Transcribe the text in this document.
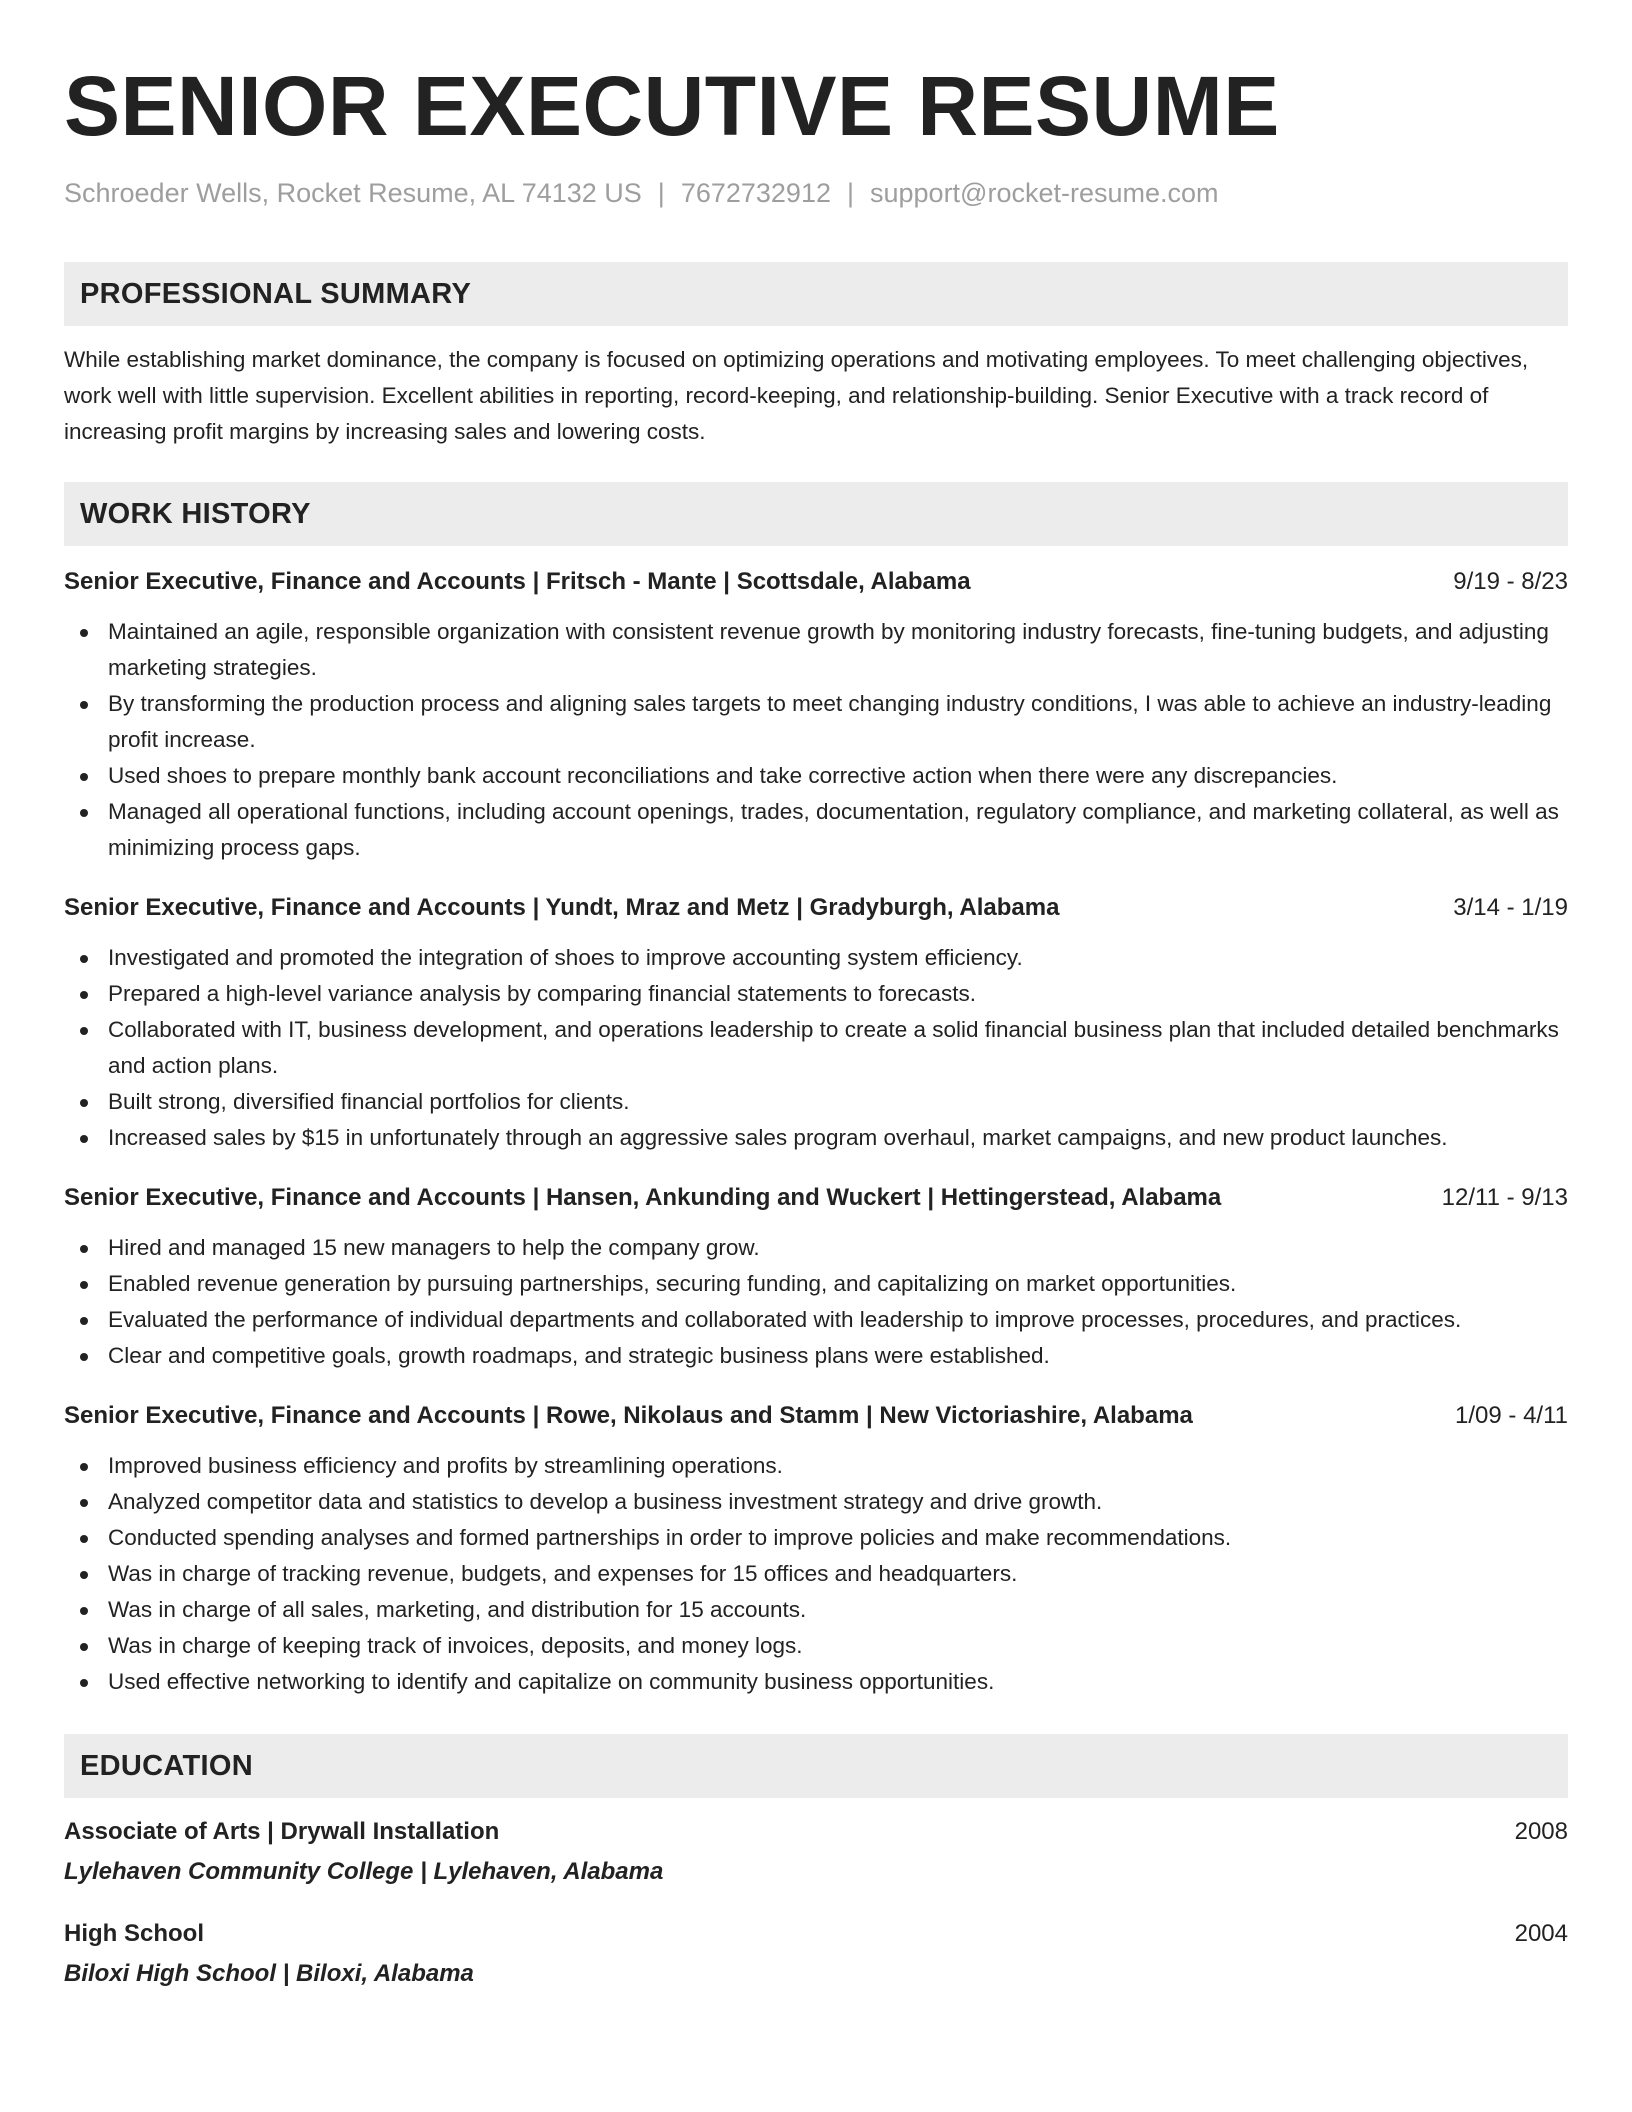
SENIOR EXECUTIVE RESUME
Schroeder Wells, Rocket Resume, AL 74132 US | 7672732912 | support@rocket-resume.com
PROFESSIONAL SUMMARY

While establishing market dominance, the company is focused on optimizing operations and motivating employees. To meet challenging objectives, work well with little supervision. Excellent abilities in reporting, record-keeping, and relationship-building. Senior Executive with a track record of increasing profit margins by increasing sales and lowering costs.

WORK HISTORY
Senior Executive, Finance and Accounts | Fritsch - Mante | Scottsdale, Alabama	9/19 - 8/23
Maintained an agile, responsible organization with consistent revenue growth by monitoring industry forecasts, fine-tuning budgets, and adjusting marketing strategies.
By transforming the production process and aligning sales targets to meet changing industry conditions, I was able to achieve an industry-leading profit increase.
Used shoes to prepare monthly bank account reconciliations and take corrective action when there were any discrepancies.
Managed all operational functions, including account openings, trades, documentation, regulatory compliance, and marketing collateral, as well as minimizing process gaps.
Senior Executive, Finance and Accounts | Yundt, Mraz and Metz | Gradyburgh, Alabama	3/14 - 1/19
Investigated and promoted the integration of shoes to improve accounting system efficiency.
Prepared a high-level variance analysis by comparing financial statements to forecasts.
Collaborated with IT, business development, and operations leadership to create a solid financial business plan that included detailed benchmarks and action plans.
Built strong, diversified financial portfolios for clients.
Increased sales by $15 in unfortunately through an aggressive sales program overhaul, market campaigns, and new product launches.
Senior Executive, Finance and Accounts | Hansen, Ankunding and Wuckert | Hettingerstead, Alabama	12/11 - 9/13
Hired and managed 15 new managers to help the company grow.
Enabled revenue generation by pursuing partnerships, securing funding, and capitalizing on market opportunities.
Evaluated the performance of individual departments and collaborated with leadership to improve processes, procedures, and practices.
Clear and competitive goals, growth roadmaps, and strategic business plans were established.
Senior Executive, Finance and Accounts | Rowe, Nikolaus and Stamm | New Victoriashire, Alabama	1/09 - 4/11
Improved business efficiency and profits by streamlining operations.
Analyzed competitor data and statistics to develop a business investment strategy and drive growth.
Conducted spending analyses and formed partnerships in order to improve policies and make recommendations.
Was in charge of tracking revenue, budgets, and expenses for 15 offices and headquarters.
Was in charge of all sales, marketing, and distribution for 15 accounts.
Was in charge of keeping track of invoices, deposits, and money logs.
Used effective networking to identify and capitalize on community business opportunities.
EDUCATION
Associate of Arts | Drywall Installation	2008
Lylehaven Community College | Lylehaven, Alabama
High School	2004
Biloxi High School | Biloxi, Alabama
